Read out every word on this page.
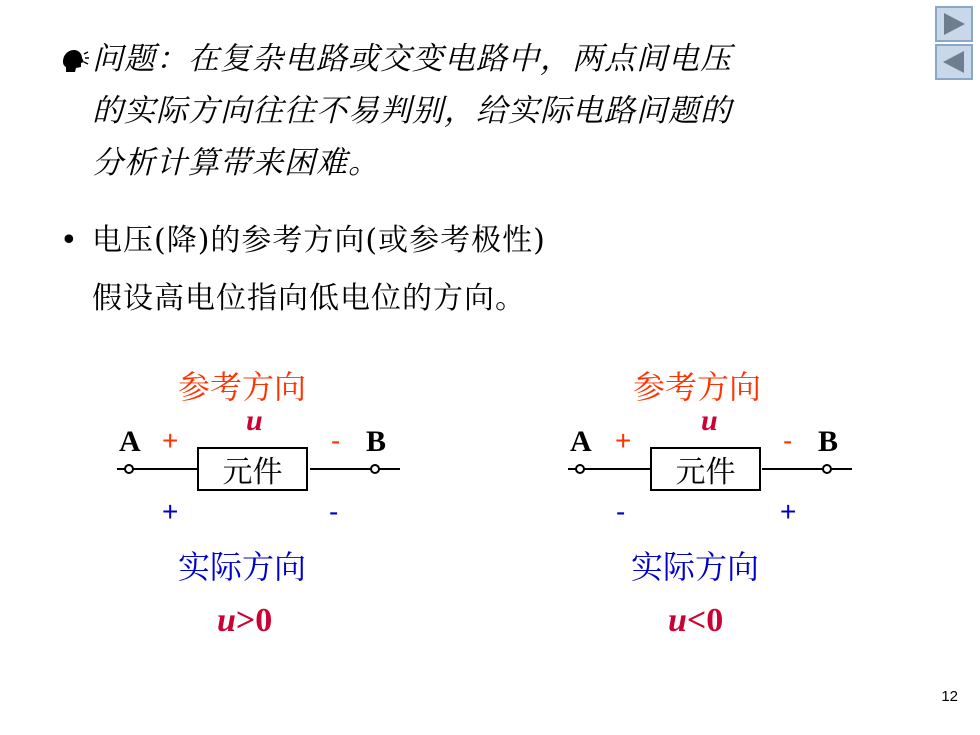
问题：在复杂电路或交变电路中，两点间电压
的实际方向往往不易判别，给实际电路问题的
分析计算带来困难。
• 电压(降)的参考方向(或参考极性)
假设高电位指向低电位的方向。
参考方向
u
A +	- B
元件
+	-
实际方向
u>0
参考方向
u
A +	- B
元件
-	+
实际方向
u<0
12
